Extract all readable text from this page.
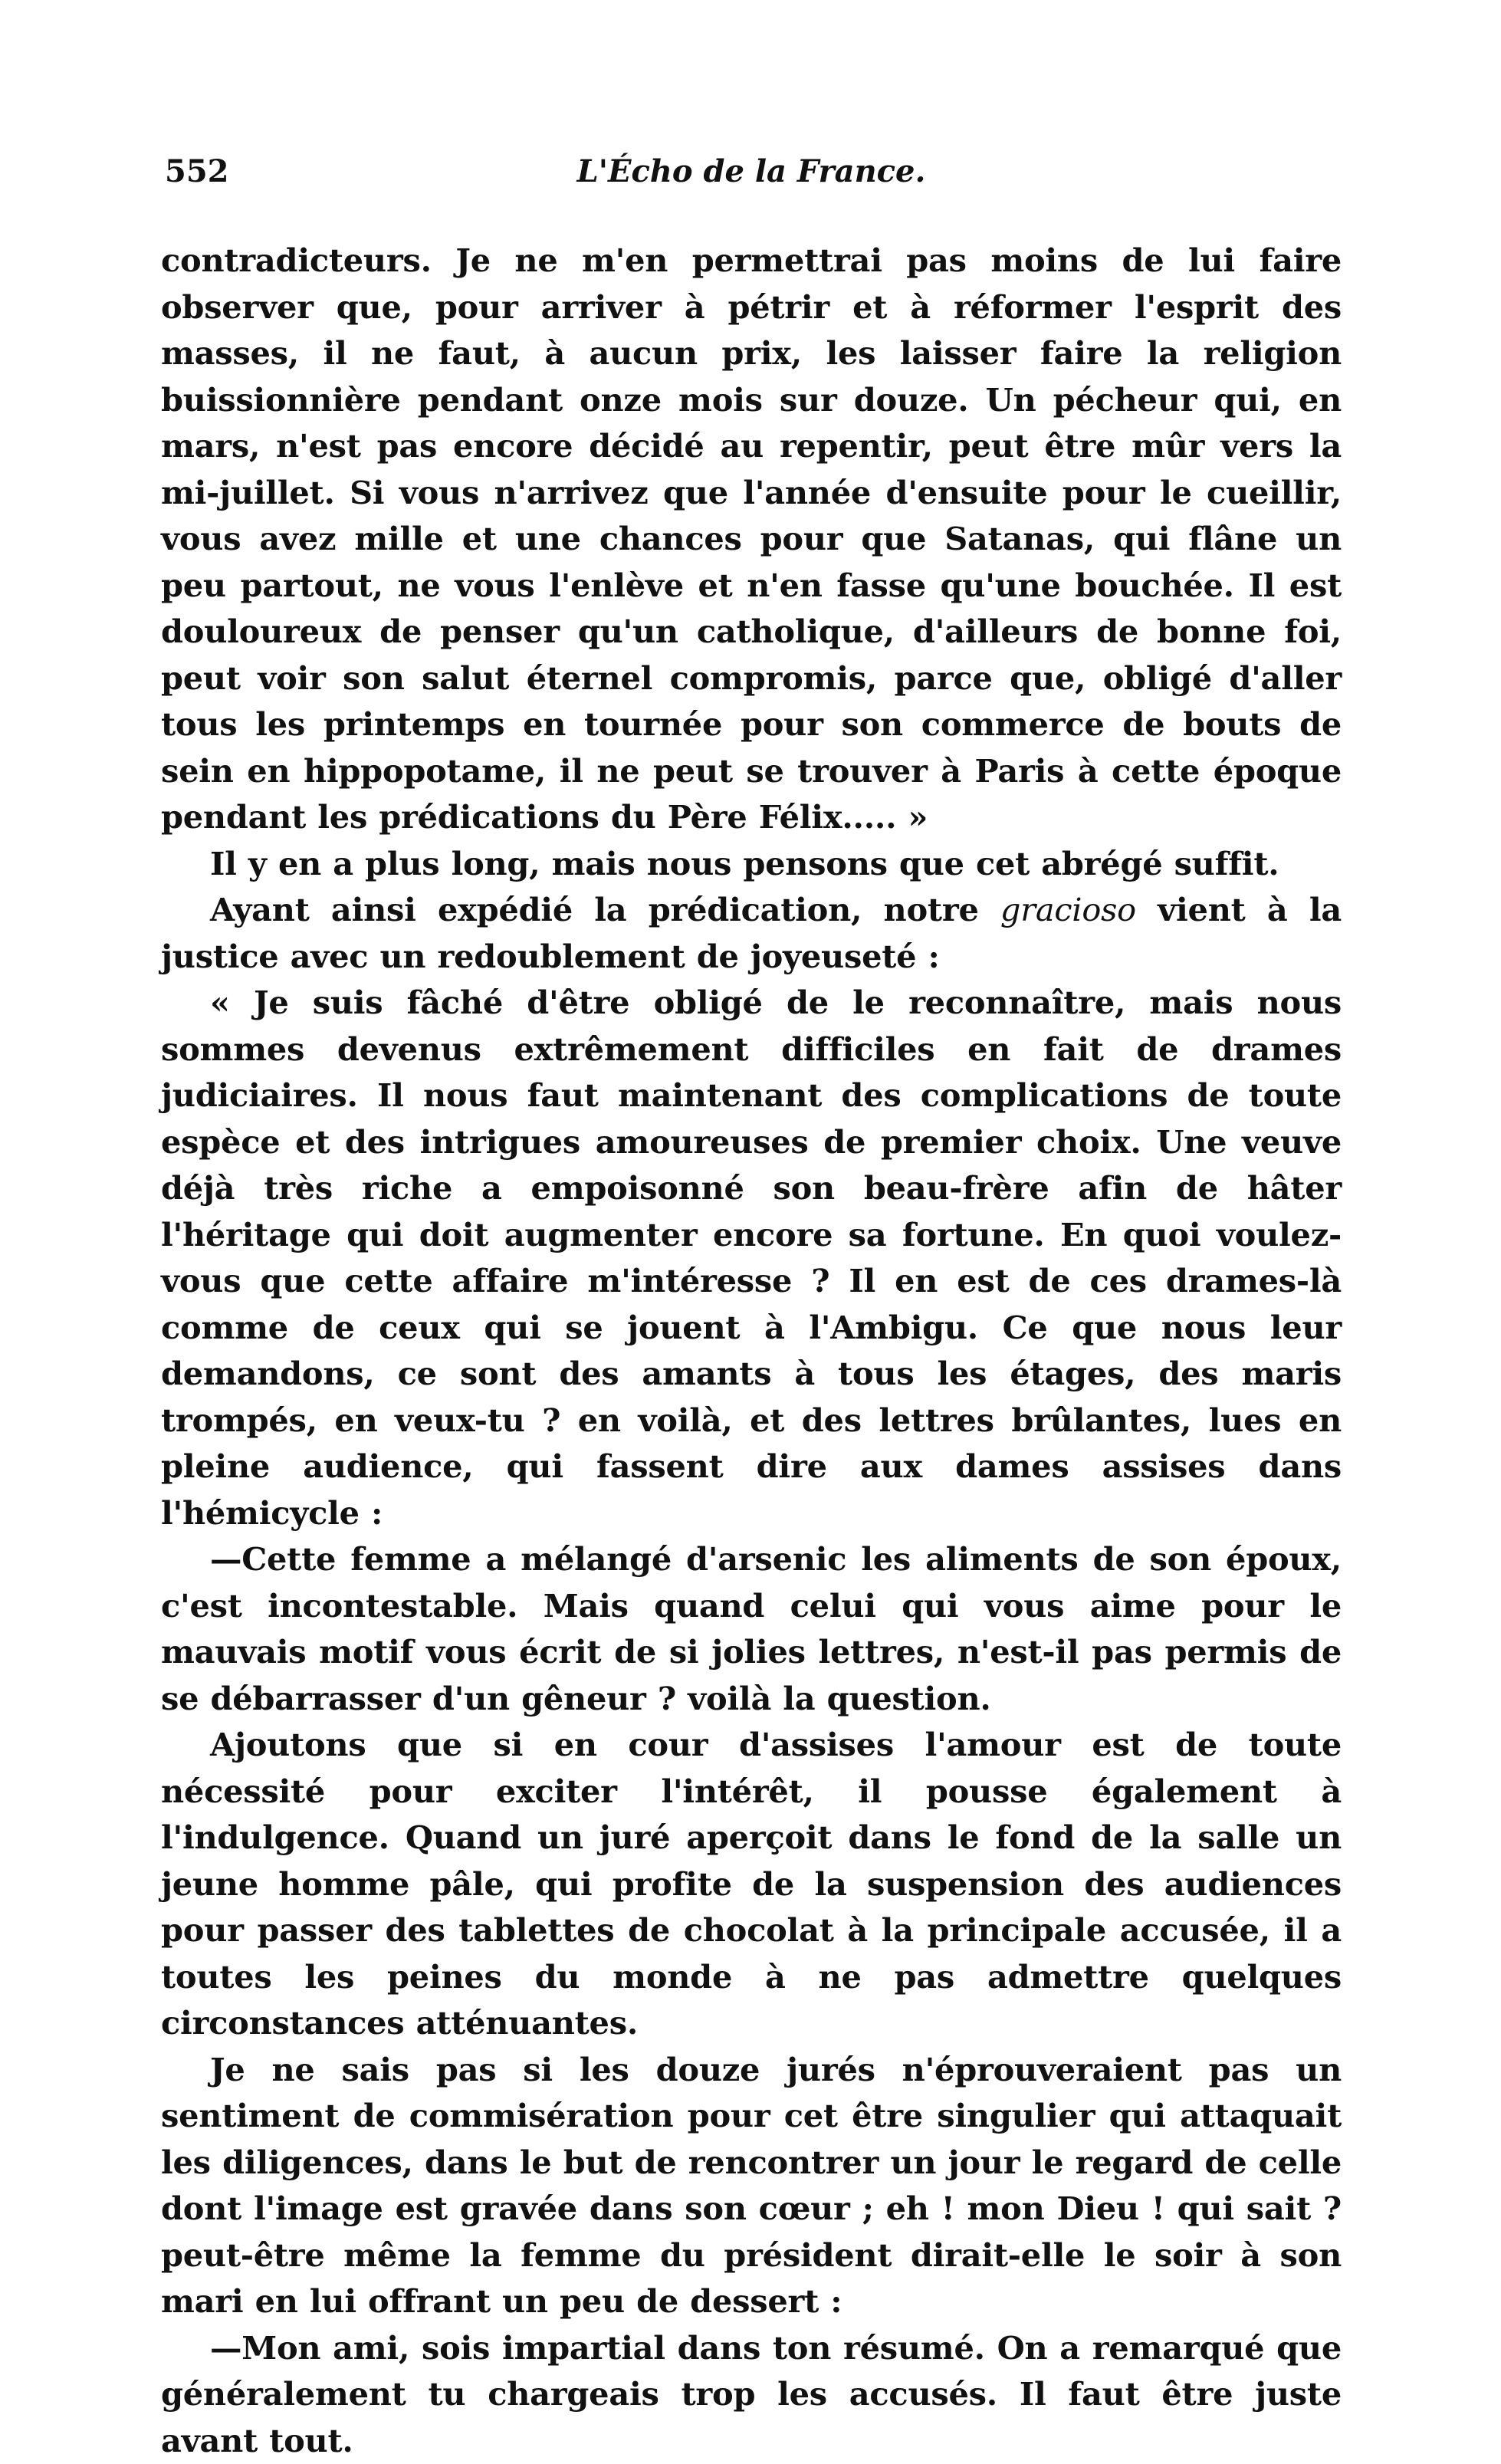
552	L'Écho de la France.

contradicteurs. Je ne m'en permettrai pas moins de lui faire observer que, pour arriver à pétrir et à réformer l'esprit des masses, il ne faut, à aucun prix, les laisser faire la religion buissionnière pendant onze mois sur douze. Un pécheur qui, en mars, n'est pas encore décidé au repentir, peut être mûr vers la mi-juillet. Si vous n'arrivez que l'année d'ensuite pour le cueillir, vous avez mille et une chances pour que Satanas, qui flâne un peu partout, ne vous l'enlève et n'en fasse qu'une bouchée. Il est douloureux de penser qu'un catholique, d'ailleurs de bonne foi, peut voir son salut éternel compromis, parce que, obligé d'aller tous les printemps en tournée pour son commerce de bouts de sein en hippopotame, il ne peut se trouver à Paris à cette époque pendant les prédications du Père Félix..... »

Il y en a plus long, mais nous pensons que cet abrégé suffit.

Ayant ainsi expédié la prédication, notre gracioso vient à la justice avec un redoublement de joyeuseté :

« Je suis fâché d'être obligé de le reconnaître, mais nous sommes devenus extrêmement difficiles en fait de drames judiciaires. Il nous faut maintenant des complications de toute espèce et des intrigues amoureuses de premier choix. Une veuve déjà très riche a empoisonné son beau-frère afin de hâter l'héritage qui doit augmenter encore sa fortune. En quoi voulez-vous que cette affaire m'intéresse ? Il en est de ces drames-là comme de ceux qui se jouent à l'Ambigu. Ce que nous leur demandons, ce sont des amants à tous les étages, des maris trompés, en veux-tu ? en voilà, et des lettres brûlantes, lues en pleine audience, qui fassent dire aux dames assises dans l'hémicycle :

—Cette femme a mélangé d'arsenic les aliments de son époux, c'est incontestable. Mais quand celui qui vous aime pour le mauvais motif vous écrit de si jolies lettres, n'est-il pas permis de se débarrasser d'un gêneur ? voilà la question.

Ajoutons que si en cour d'assises l'amour est de toute nécessité pour exciter l'intérêt, il pousse également à l'indulgence. Quand un juré aperçoit dans le fond de la salle un jeune homme pâle, qui profite de la suspension des audiences pour passer des tablettes de chocolat à la principale accusée, il a toutes les peines du monde à ne pas admettre quelques circonstances atténuantes.

Je ne sais pas si les douze jurés n'éprouveraient pas un sentiment de commisération pour cet être singulier qui attaquait les diligences, dans le but de rencontrer un jour le regard de celle dont l'image est gravée dans son cœur ; eh ! mon Dieu ! qui sait ? peut-être même la femme du président dirait-elle le soir à son mari en lui offrant un peu de dessert :

—Mon ami, sois impartial dans ton résumé. On a remarqué que généralement tu chargeais trop les accusés. Il faut être juste avant tout.
